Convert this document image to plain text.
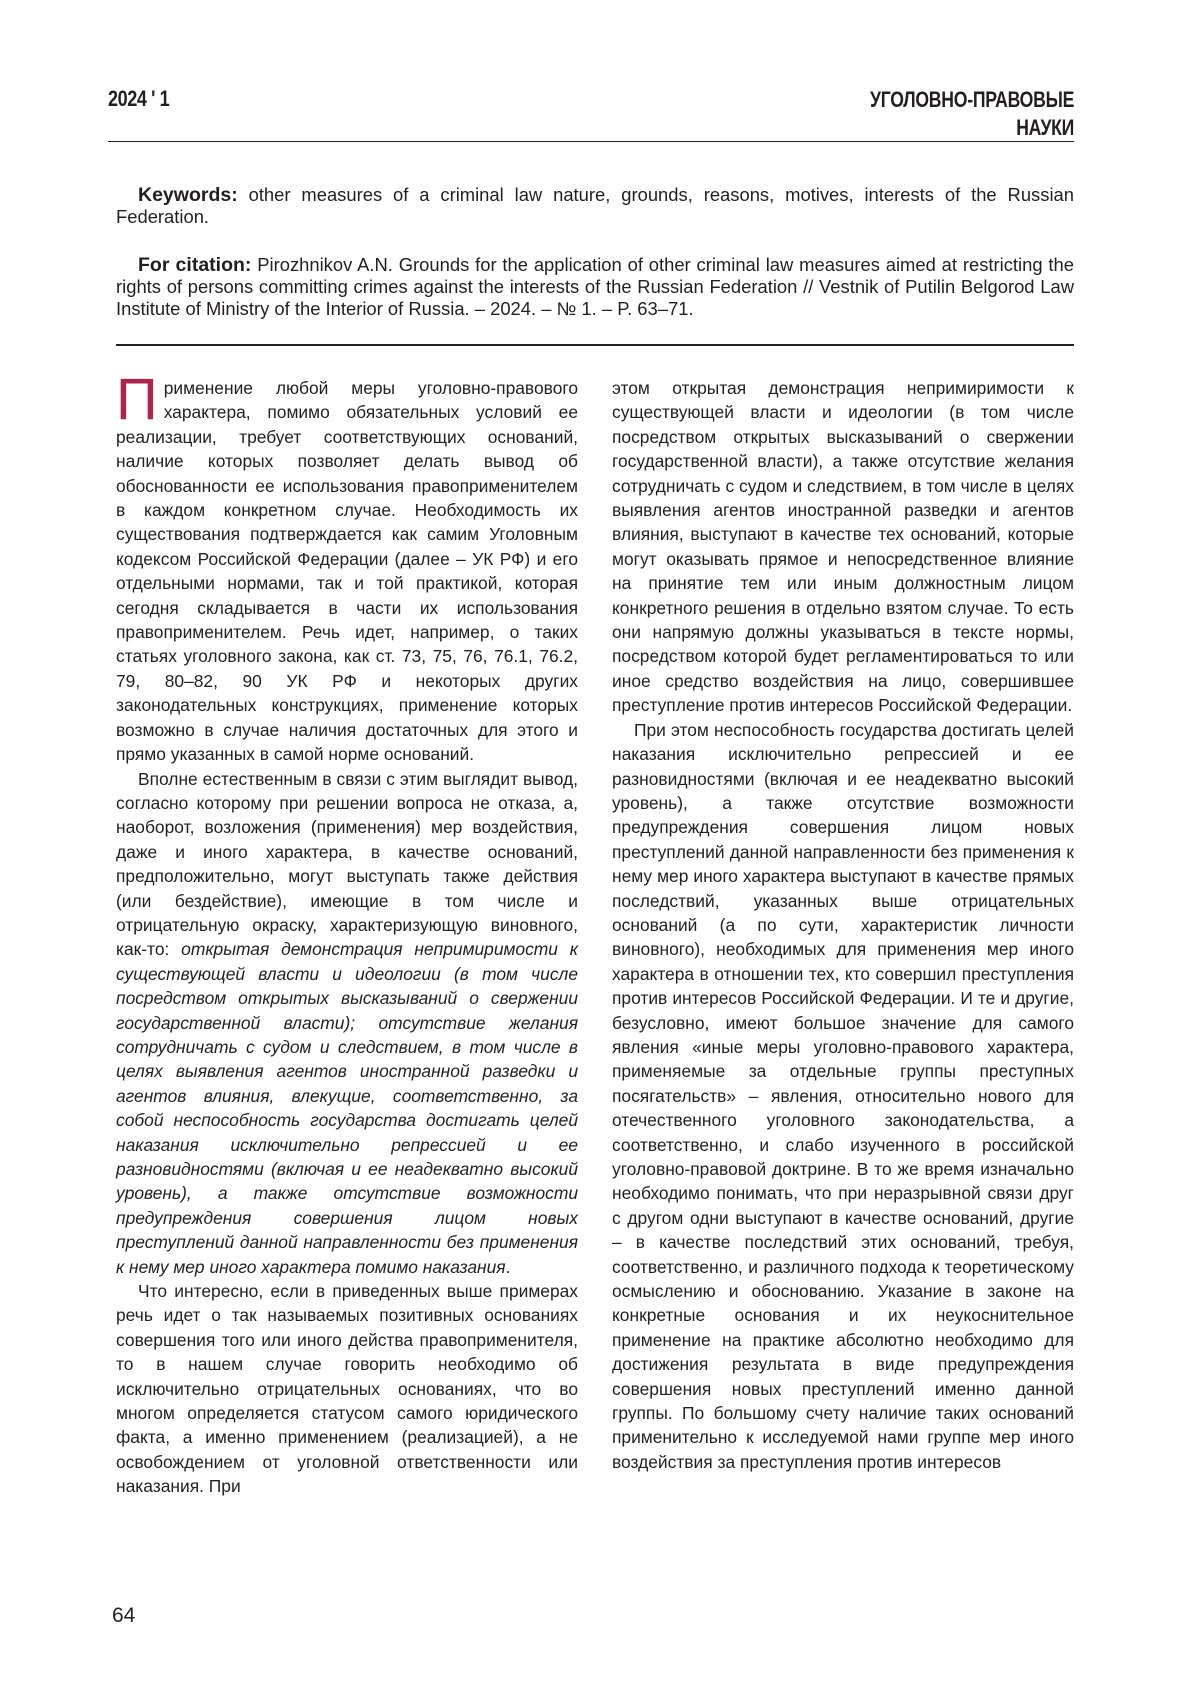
2024 ' 1	УГОЛОВНО-ПРАВОВЫЕ
НАУКИ
Keywords: other measures of a criminal law nature, grounds, reasons, motives, interests of the Russian Federation.
For citation: Pirozhnikov A.N. Grounds for the application of other criminal law measures aimed at restricting the rights of persons committing crimes against the interests of the Russian Federation // Vestnik of Putilin Belgorod Law Institute of Ministry of the Interior of Russia. – 2024. – № 1. – P. 63–71.

Применение любой меры уголовно-правового характера, помимо обязательных условий ее реализации, требует соответствующих оснований, наличие которых позволяет делать вывод об обоснованности ее использования правоприменителем в каждом конкретном случае. Необходимость их существования подтверждается как самим Уголовным кодексом Российской Федерации (далее – УК РФ) и его отдельными нормами, так и той практикой, которая сегодня складывается в части их использования правоприменителем. Речь идет, например, о таких статьях уголовного закона, как ст. 73, 75, 76, 76.1, 76.2, 79, 80–82, 90 УК РФ и некоторых других законодательных конструкциях, применение которых возможно в случае наличия достаточных для этого и прямо указанных в самой норме оснований.

Вполне естественным в связи с этим выглядит вывод, согласно которому при решении вопроса не отказа, а, наоборот, возложения (применения) мер воздействия, даже и иного характера, в качестве оснований, предположительно, могут выступать также действия (или бездействие), имеющие в том числе и отрицательную окраску, характеризующую виновного, как-то: открытая демонстрация непримиримости к существующей власти и идеологии (в том числе посредством открытых высказываний о свержении государственной власти); отсутствие желания сотрудничать с судом и следствием, в том числе в целях выявления агентов иностранной разведки и агентов влияния, влекущие, соответственно, за собой неспособность государства достигать целей наказания исключительно репрессией и ее разновидностями (включая и ее неадекватно высокий уровень), а также отсутствие возможности предупреждения совершения лицом новых преступлений данной направленности без применения к нему мер иного характера помимо наказания.

Что интересно, если в приведенных выше примерах речь идет о так называемых позитивных основаниях совершения того или иного действа правоприменителя, то в нашем случае говорить необходимо об исключительно отрицательных основаниях, что во многом определяется статусом самого юридического факта, а именно применением (реализацией), а не освобождением от уголовной ответственности или наказания. При

этом открытая демонстрация непримиримости к существующей власти и идеологии (в том числе посредством открытых высказываний о свержении государственной власти), а также отсутствие желания сотрудничать с судом и следствием, в том числе в целях выявления агентов иностранной разведки и агентов влияния, выступают в качестве тех оснований, которые могут оказывать прямое и непосредственное влияние на принятие тем или иным должностным лицом конкретного решения в отдельно взятом случае. То есть они напрямую должны указываться в тексте нормы, посредством которой будет регламентироваться то или иное средство воздействия на лицо, совершившее преступление против интересов Российской Федерации.

При этом неспособность государства достигать целей наказания исключительно репрессией и ее разновидностями (включая и ее неадекватно высокий уровень), а также отсутствие возможности предупреждения совершения лицом новых преступлений данной направленности без применения к нему мер иного характера выступают в качестве прямых последствий, указанных выше отрицательных оснований (а по сути, характеристик личности виновного), необходимых для применения мер иного характера в отношении тех, кто совершил преступления против интересов Российской Федерации. И те и другие, безусловно, имеют большое значение для самого явления «иные меры уголовно-правового характера, применяемые за отдельные группы преступных посягательств» – явления, относительно нового для отечественного уголовного законодательства, а соответственно, и слабо изученного в российской уголовно-правовой доктрине. В то же время изначально необходимо понимать, что при неразрывной связи друг с другом одни выступают в качестве оснований, другие – в качестве последствий этих оснований, требуя, соответственно, и различного подхода к теоретическому осмыслению и обоснованию. Указание в законе на конкретные основания и их неукоснительное применение на практике абсолютно необходимо для достижения результата в виде предупреждения совершения новых преступлений именно данной группы. По большому счету наличие таких оснований применительно к исследуемой нами группе мер иного воздействия за преступления против интересов

64
